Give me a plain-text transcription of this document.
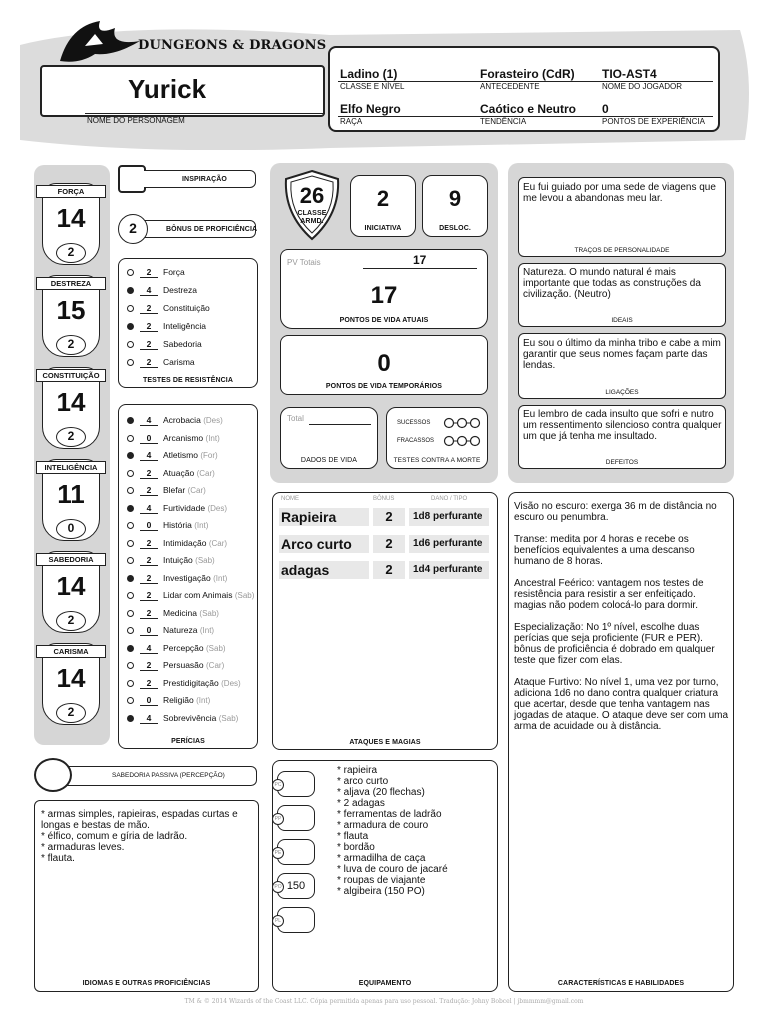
DUNGEONS & DRAGONS
Yurick
NOME DO PERSONAGEM
Ladino (1)	Forasteiro (CdR) TIO-AST4
CLASSE E NÍVEL	ANTECEDENTE	NOME DO JOGADOR
Elfo Negro	Caótico e Neutro 0
RAÇA	TENDÊNCIA	PONTOS DE EXPERIÊNCIA
FORÇA
14
2
DESTREZA
15
2
CONSTITUIÇÃO
14
2
INTELIGÊNCIA
11
0
SABEDORIA
14
2
CARISMA
14
2
INSPIRAÇÃO
2	BÔNUS DE PROFICIÊNCIA
2 Força
4 Destreza
2 Constituição
2 Inteligência
2 Sabedoria
2 Carisma
TESTES DE RESISTÊNCIA
4 Acrobacia (Des)
0 Arcanismo (Int)
4 Atletismo (For)
2 Atuação (Car)
2 Blefar (Car)
4 Furtividade (Des)
0 História (Int)
2 Intimidação (Car)
2 Intuição (Sab)
2 Investigação (Int)
2 Lidar com Animais (Sab)
2 Medicina (Sab)
0 Natureza (Int)
4 Percepção (Sab)
2 Persuasão (Car)
2 Prestidigitação (Des)
0 Religião (Int)
4 Sobrevivência (Sab)
PERÍCIAS
SABEDORIA PASSIVA (PERCEPÇÃO)
* armas simples, rapieiras, espadas curtas e longas e bestas de mão.
* élfico, comum e gíria de ladrão.
* armaduras leves.
* flauta.
IDIOMAS E OUTRAS PROFICIÊNCIAS
26
CLASSE
ARMD.
2
INICIATIVA
9
DESLOC.
PV Totais	17
17
PONTOS DE VIDA ATUAIS
0
PONTOS DE VIDA TEMPORÁRIOS
Total
DADOS DE VIDA
SUCESSOS
FRACASSOS
TESTES CONTRA A MORTE
Eu fui guiado por uma sede de viagens que me levou a abandonas meu lar.
TRAÇOS DE PERSONALIDADE
Natureza. O mundo natural é mais importante que todas as construções da civilização. (Neutro)
IDEAIS
Eu sou o último da minha tribo e cabe a mim garantir que seus nomes façam parte das lendas.
LIGAÇÕES
Eu lembro de cada insulto que sofri e nutro um ressentimento silencioso contra qualquer um que já tenha me insultado.
DEFEITOS
NOME	BÔNUS	DANO / TIPO
Rapieira	2	1d8 perfurante
Arco curto	2	1d6 perfurante
adagas	2	1d4 perfurante
ATAQUES E MAGIAS
PC
PP
PE
PO 150
PL
* rapieira
* arco curto
* aljava (20 flechas)
* 2 adagas
* ferramentas de ladrão
* armadura de couro
* flauta
* bordão
* armadilha de caça
* luva de couro de jacaré
* roupas de viajante
* algibeira (150 PO)
EQUIPAMENTO
Visão no escuro: exerga 36 m de distância no escuro ou penumbra.
Transe: medita por 4 horas e recebe os benefícios equivalentes a uma descanso humano de 8 horas.
Ancestral Feérico: vantagem nos testes de resistência para resistir a ser enfeitiçado. magias não podem colocá-lo para dormir.
Especialização: No 1º nível, escolhe duas perícias que seja proficiente (FUR e PER). bônus de proficiência é dobrado em qualquer teste que fizer com elas.
Ataque Furtivo: No nível 1, uma vez por turno, adiciona 1d6 no dano contra qualquer criatura que acertar, desde que tenha vantagem nas jogadas de ataque. O ataque deve ser com uma arma de acuidade ou à distância.
CARACTERÍSTICAS E HABILIDADES
TM & © 2014 Wizards of the Coast LLC. Cópia permitida apenas para uso pessoal. Tradução: Johny Bobcel | jbmmmm@gmail.com
